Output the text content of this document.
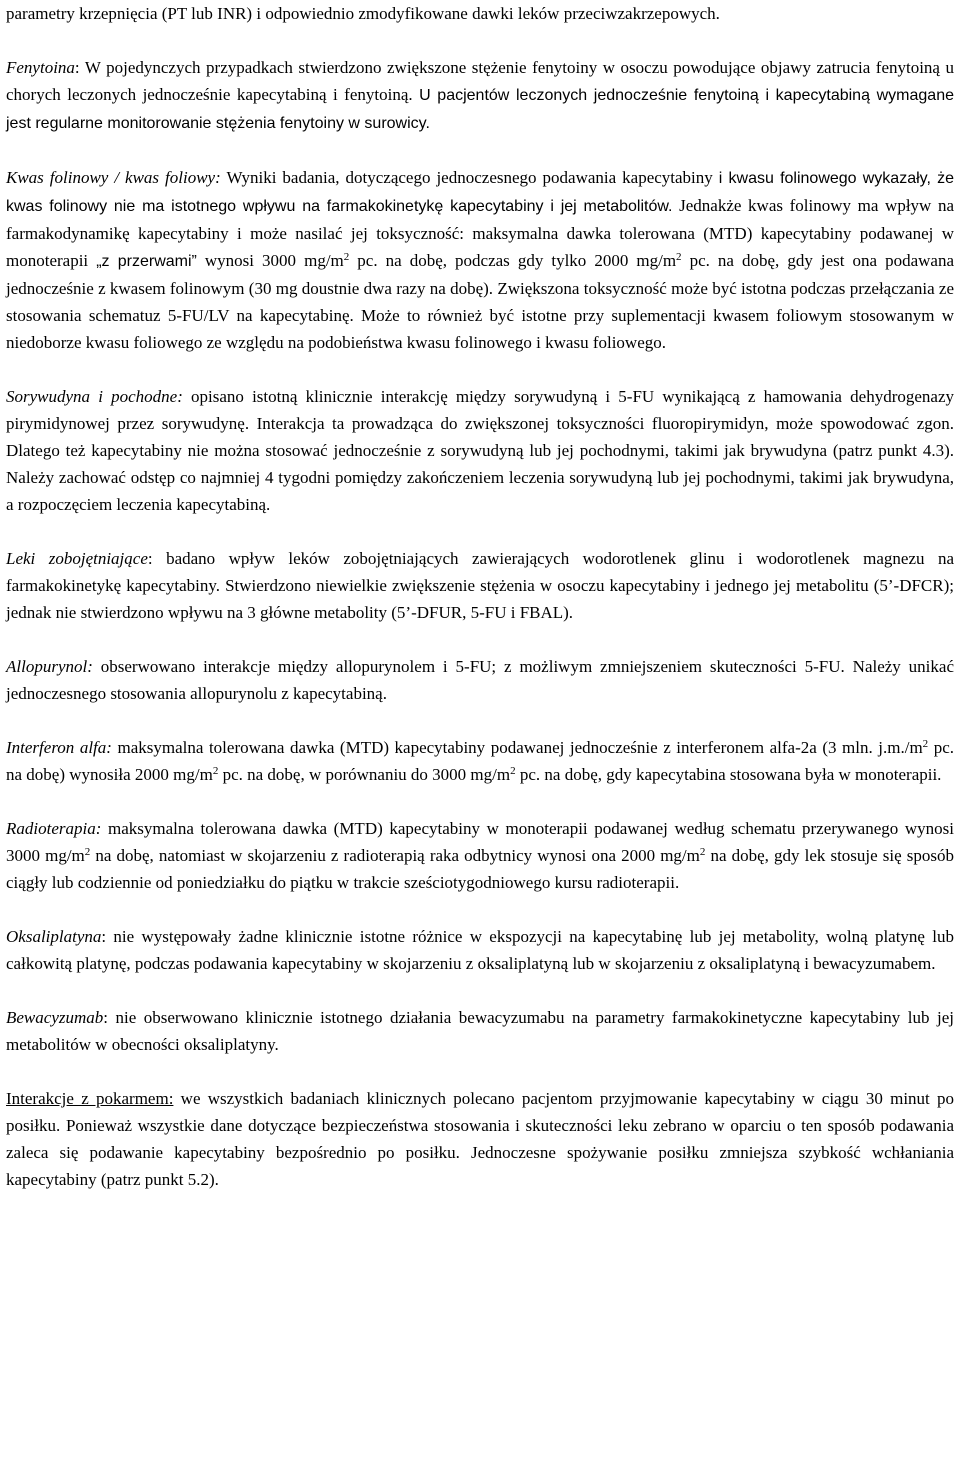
parametry krzepnięcia (PT lub INR) i odpowiednio zmodyfikowane dawki leków przeciwzakrzepowych.

Fenytoina: W pojedynczych przypadkach stwierdzono zwiększone stężenie fenytoiny w osoczu powodujące objawy zatrucia fenytoiną u chorych leczonych jednocześnie kapecytabiną i fenytoiną. U pacjentów leczonych jednocześnie fenytoiną i kapecytabiną wymagane jest regularne monitorowanie stężenia fenytoiny w surowicy.

Kwas folinowy / kwas foliowy: Wyniki badania, dotyczącego jednoczesnego podawania kapecytabiny i kwasu folinowego wykazały, że kwas folinowy nie ma istotnego wpływu na farmakokinetykę kapecytabiny i jej metabolitów. Jednakże kwas folinowy ma wpływ na farmakodynamikę kapecytabiny i może nasilać jej toksyczność: maksymalna dawka tolerowana (MTD) kapecytabiny podawanej w monoterapii „z przerwami” wynosi 3000 $mg/m^2$ pc. na dobę, podczas gdy tylko 2000 $mg/m^2$ pc. na dobę, gdy jest ona podawana jednocześnie z kwasem folinowym (30 mg doustnie dwa razy na dobę). Zwiększona toksyczność może być istotna podczas przełączania ze stosowania schematuz 5-FU/LV na kapecytabinę. Może to również być istotne przy suplementacji kwasem foliowym stosowanym w niedoborze kwasu foliowego ze względu na podobieństwa kwasu folinowego i kwasu foliowego.

Sorywudyna i pochodne: opisano istotną klinicznie interakcję między sorywudyną i 5-FU wynikającą z hamowania dehydrogenazy pirymidynowej przez sorywudynę. Interakcja ta prowadząca do zwiększonej toksyczności fluoropirymidyn, może spowodować zgon. Dlatego też kapecytabiny nie można stosować jednocześnie z sorywudyną lub jej pochodnymi, takimi jak brywudyna (patrz punkt 4.3). Należy zachować odstęp co najmniej 4 tygodni pomiędzy zakończeniem leczenia sorywudyną lub jej pochodnymi, takimi jak brywudyna, a rozpoczęciem leczenia kapecytabiną.

Leki zobojętniające: badano wpływ leków zobojętniających zawierających wodorotlenek glinu i wodorotlenek magnezu na farmakokinetykę kapecytabiny. Stwierdzono niewielkie zwiększenie stężenia w osoczu kapecytabiny i jednego jej metabolitu (5’-DFCR); jednak nie stwierdzono wpływu na 3 główne metabolity (5’-DFUR, 5-FU i FBAL).

Allopurynol: obserwowano interakcje między allopurynolem i 5-FU; z możliwym zmniejszeniem skuteczności 5-FU. Należy unikać jednoczesnego stosowania allopurynolu z kapecytabiną.

Interferon alfa: maksymalna tolerowana dawka (MTD) kapecytabiny podawanej jednocześnie z interferonem alfa-2a (3 mln. $j.m./m^2$ pc. na dobę) wynosiła 2000 $mg/m^2$ pc. na dobę, w porównaniu do 3000 $mg/m^2$ pc. na dobę, gdy kapecytabina stosowana była w monoterapii.

Radioterapia: maksymalna tolerowana dawka (MTD) kapecytabiny w monoterapii podawanej według schematu przerywanego wynosi 3000 $mg/m^2$ na dobę, natomiast w skojarzeniu z radioterapią raka odbytnicy wynosi ona 2000 $mg/m^2$ na dobę, gdy lek stosuje się sposób ciągły lub codziennie od poniedziałku do piątku w trakcie sześciotygodniowego kursu radioterapii.

Oksaliplatyna: nie występowały żadne klinicznie istotne różnice w ekspozycji na kapecytabinę lub jej metabolity, wolną platynę lub całkowitą platynę, podczas podawania kapecytabiny w skojarzeniu z oksaliplatyną lub w skojarzeniu z oksaliplatyną i bewacyzumabem.

Bewacyzumab: nie obserwowano klinicznie istotnego działania bewacyzumabu na parametry farmakokinetyczne kapecytabiny lub jej metabolitów w obecności oksaliplatyny.

Interakcje z pokarmem: we wszystkich badaniach klinicznych polecano pacjentom przyjmowanie kapecytabiny w ciągu 30 minut po posiłku. Ponieważ wszystkie dane dotyczące bezpieczeństwa stosowania i skuteczności leku zebrano w oparciu o ten sposób podawania zaleca się podawanie kapecytabiny bezpośrednio po posiłku. Jednoczesne spożywanie posiłku zmniejsza szybkość wchłaniania kapecytabiny (patrz punkt 5.2).
